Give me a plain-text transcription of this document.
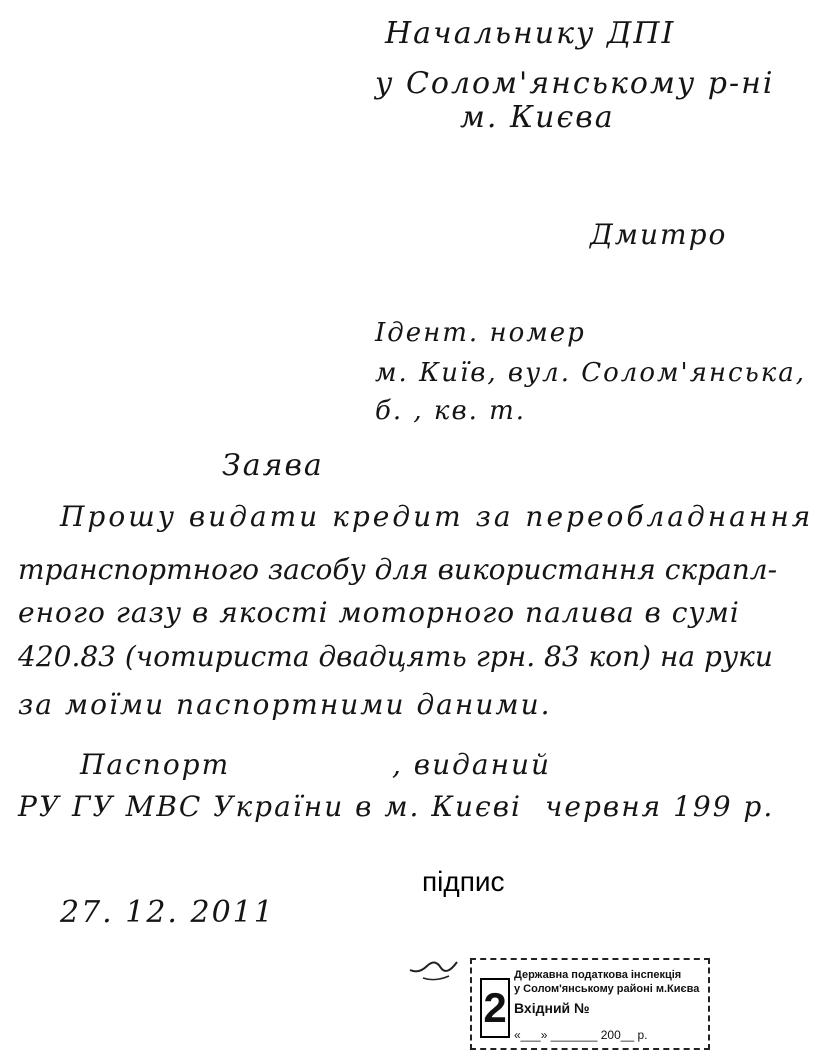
Начальнику ДПІ
у Солом'янському р-ні
м. Києва
Дмитро
Ідент. номер
м. Київ, вул. Солом'янська,
б. , кв. т.
Заява
Прошу видати кредит за переобладнання
транспортного засобу для використання скрапл-
еного газу в якості моторного палива в сумі
420.83 (чотириста двадцять грн. 83 коп) на руки
за моїми паспортними даними.
Паспорт	, виданий
РУ ГУ МВС України в м. Києві червня 199 р.
підпис
27. 12. 2011
2
Державна податкова інспекція
у Солом'янському районі м.Києва
Вхідний №
«___» _______ 200__ р.
